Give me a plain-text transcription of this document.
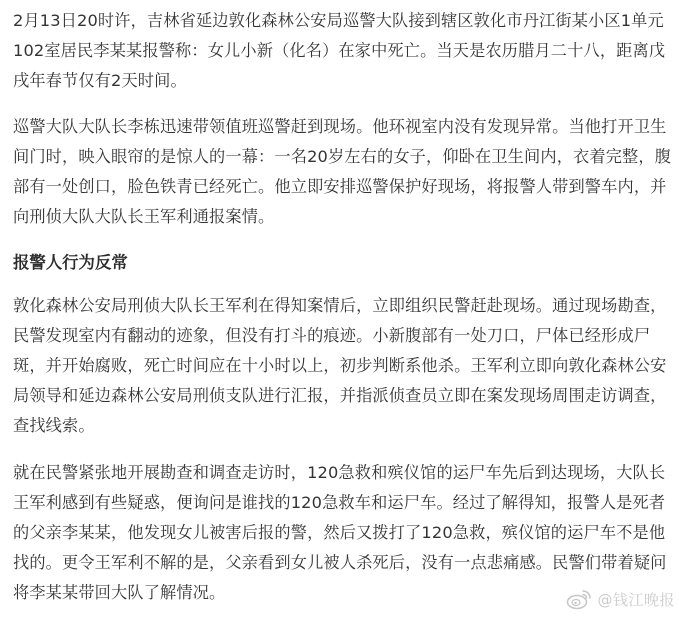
2月13日20时许，吉林省延边敦化森林公安局巡警大队接到辖区敦化市丹江街某小区1单元
102室居民李某某报警称：女儿小新（化名）在家中死亡。当天是农历腊月二十八，距离戊
戌年春节仅有2天时间。

巡警大队大队长李栋迅速带领值班巡警赶到现场。他环视室内没有发现异常。当他打开卫生
间门时，映入眼帘的是惊人的一幕：一名20岁左右的女子，仰卧在卫生间内，衣着完整，腹
部有一处创口，脸色铁青已经死亡。他立即安排巡警保护好现场，将报警人带到警车内，并
向刑侦大队大队长王军利通报案情。

报警人行为反常

敦化森林公安局刑侦大队长王军利在得知案情后，立即组织民警赶赴现场。通过现场勘查，
民警发现室内有翻动的迹象，但没有打斗的痕迹。小新腹部有一处刀口，尸体已经形成尸
斑，并开始腐败，死亡时间应在十小时以上，初步判断系他杀。王军利立即向敦化森林公安
局领导和延边森林公安局刑侦支队进行汇报，并指派侦查员立即在案发现场周围走访调查，
查找线索。

就在民警紧张地开展勘查和调查走访时，120急救和殡仪馆的运尸车先后到达现场，大队长
王军利感到有些疑惑，便询问是谁找的120急救车和运尸车。经过了解得知，报警人是死者
的父亲李某某，他发现女儿被害后报的警，然后又拨打了120急救，殡仪馆的运尸车不是他
找的。更令王军利不解的是，父亲看到女儿被人杀死后，没有一点悲痛感。民警们带着疑问
将李某某带回大队了解情况。	@钱江晚报
